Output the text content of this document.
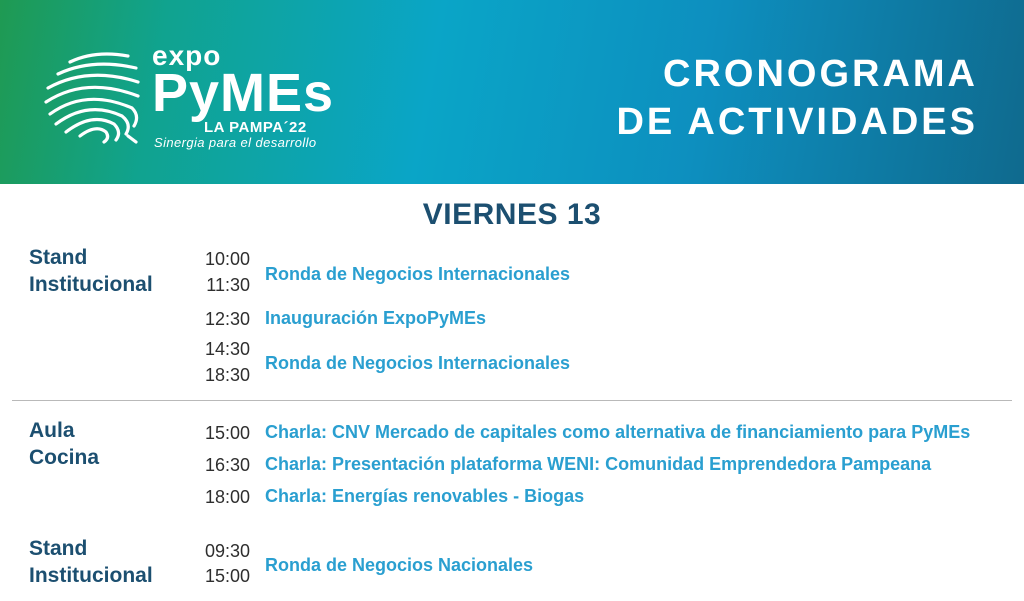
expo
PyMEs
LA PAMPA´22
Sinergia para el desarrollo
CRONOGRAMA
DE ACTIVIDADES
VIERNES 13
Stand
Institucional
10:00
11:30
Ronda de Negocios Internacionales
12:30 Inauguración ExpoPyMEs
14:30
18:30
Ronda de Negocios Internacionales
Aula
Cocina
15:00 Charla: CNV Mercado de capitales como alternativa de financiamiento para PyMEs
16:30 Charla: Presentación plataforma WENI: Comunidad Emprendedora Pampeana
18:00 Charla: Energías renovables - Biogas
Stand
Institucional
09:30
15:00
Ronda de Negocios Nacionales
